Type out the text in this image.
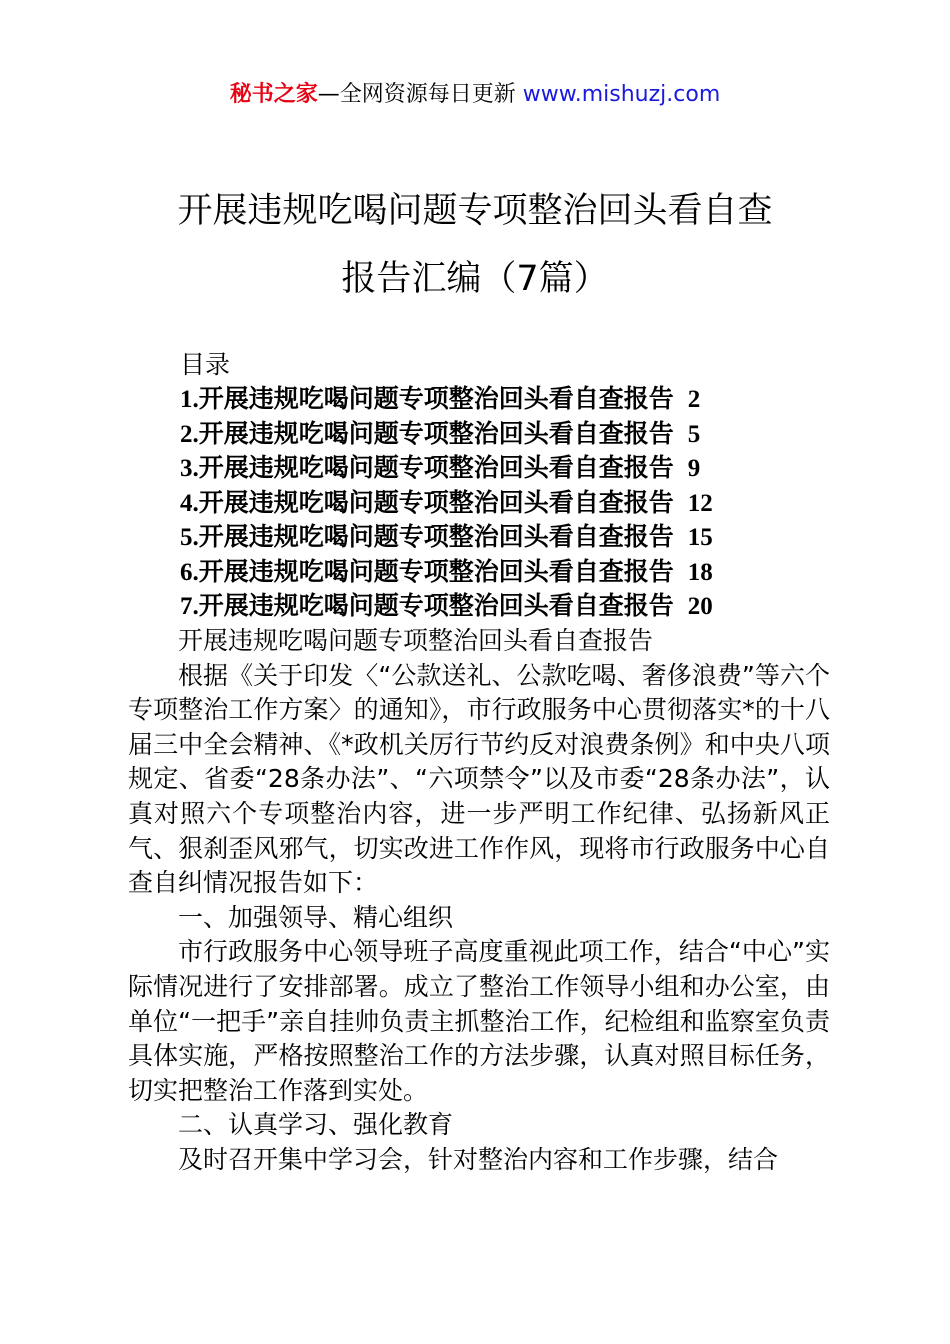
秘书之家—全网资源每日更新 www.mishuzj.com
开展违规吃喝问题专项整治回头看自查
报告汇编（7篇）
目录
1.开展违规吃喝问题专项整治回头看自查报告 2
2.开展违规吃喝问题专项整治回头看自查报告 5
3.开展违规吃喝问题专项整治回头看自查报告 9
4.开展违规吃喝问题专项整治回头看自查报告 12
5.开展违规吃喝问题专项整治回头看自查报告 15
6.开展违规吃喝问题专项整治回头看自查报告 18
7.开展违规吃喝问题专项整治回头看自查报告 20

开展违规吃喝问题专项整治回头看自查报告

根据《关于印发〈“公款送礼、公款吃喝、奢侈浪费”等六个专项整治工作方案〉的通知》，市行政服务中心贯彻落实*的十八届三中全会精神、《*政机关厉行节约反对浪费条例》和中央八项规定、省委“28条办法”、“六项禁令”以及市委“28条办法”，认真对照六个专项整治内容，进一步严明工作纪律、弘扬新风正气、狠刹歪风邪气，切实改进工作作风，现将市行政服务中心自查自纠情况报告如下：

一、加强领导、精心组织

市行政服务中心领导班子高度重视此项工作，结合“中心”实际情况进行了安排部署。成立了整治工作领导小组和办公室，由单位“一把手”亲自挂帅负责主抓整治工作，纪检组和监察室负责具体实施，严格按照整治工作的方法步骤，认真对照目标任务，切实把整治工作落到实处。

二、认真学习、强化教育

及时召开集中学习会，针对整治内容和工作步骤，结合
